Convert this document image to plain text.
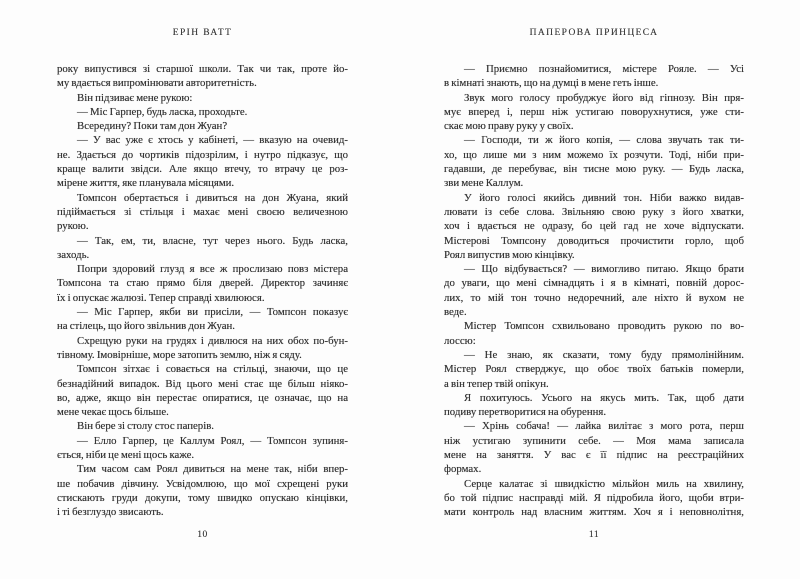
ЕРІН ВАТТ
року випустився зі старшої школи. Так чи так, проте йо-
му вдається випромінювати авторитетність.
Він підзиває мене рукою:
— Міс Гарпер, будь ласка, проходьте.
Всередину? Поки там дон Жуан?
— У вас уже є хтось у кабінеті, — вказую на очевид-
не. Здається до чортиків підозрілим, і нутро підказує, що
краще валити звідси. Але якщо втечу, то втрачу це роз-
мірене життя, яке планувала місяцями.
Томпсон обертається і дивиться на дон Жуана, який
підіймається зі стільця і махає мені своєю величезною
рукою.
— Так, ем, ти, власне, тут через нього. Будь ласка,
заходь.
Попри здоровий глузд я все ж прослизаю повз містера
Томпсона та стаю прямо біля дверей. Директор зачиняє
їх і опускає жалюзі. Тепер справді хвилююся.
— Міс Гарпер, якби ви присіли, — Томпсон показує
на стілець, що його звільнив дон Жуан.
Схрещую руки на грудях і дивлюся на них обох по-бун-
тівному. Імовірніше, море затопить землю, ніж я сяду.
Томпсон зітхає і совається на стільці, знаючи, що це
безнадійний випадок. Від цього мені стає ще більш ніяко-
во, адже, якщо він перестає опиратися, це означає, що на
мене чекає щось більше.
Він бере зі столу стос паперів.
— Елло Гарпер, це Каллум Роял, — Томпсон зупиня-
ється, ніби це мені щось каже.
Тим часом сам Роял дивиться на мене так, ніби впер-
ше побачив дівчину. Усвідомлюю, що мої схрещені руки
стискають груди докупи, тому швидко опускаю кінцівки,
і ті безглуздо звисають.
10
ПАПЕРОВА ПРИНЦЕСА
— Приємно познайомитися, містере Рояле. — Усі
в кімнаті знають, що на думці в мене геть інше.
Звук мого голосу пробуджує його від гіпнозу. Він пря-
мує вперед і, перш ніж устигаю поворухнутися, уже сти-
скає мою праву руку у своїх.
— Господи, ти ж його копія, — слова звучать так ти-
хо, що лише ми з ним можемо їх розчути. Тоді, ніби при-
гадавши, де перебуває, він тисне мою руку. — Будь ласка,
зви мене Каллум.
У його голосі якийсь дивний тон. Ніби важко видав-
лювати із себе слова. Звільняю свою руку з його хватки,
хоч і вдається не одразу, бо цей гад не хоче відпускати.
Містерові Томпсону доводиться прочистити горло, щоб
Роял випустив мою кінцівку.
— Що відбувається? — вимогливо питаю. Якщо брати
до уваги, що мені сімнадцять і я в кімнаті, повній дорос-
лих, то мій тон точно недоречний, але ніхто й вухом не
веде.
Містер Томпсон схвильовано проводить рукою по во-
лоссю:
— Не знаю, як сказати, тому буду прямолінійним.
Містер Роял стверджує, що обоє твоїх батьків померли,
а він тепер твій опікун.
Я похитуюсь. Усього на якусь мить. Так, щоб дати
подиву перетворитися на обурення.
— Хрінь собача! — лайка вилітає з мого рота, перш
ніж устигаю зупинити себе. — Моя мама записала
мене на заняття. У вас є її підпис на реєстраційних
формах.
Серце калатає зі швидкістю мільйон миль на хвилину,
бо той підпис насправді мій. Я підробила його, щоби втри-
мати контроль над власним життям. Хоч я і неповнолітня,
11
